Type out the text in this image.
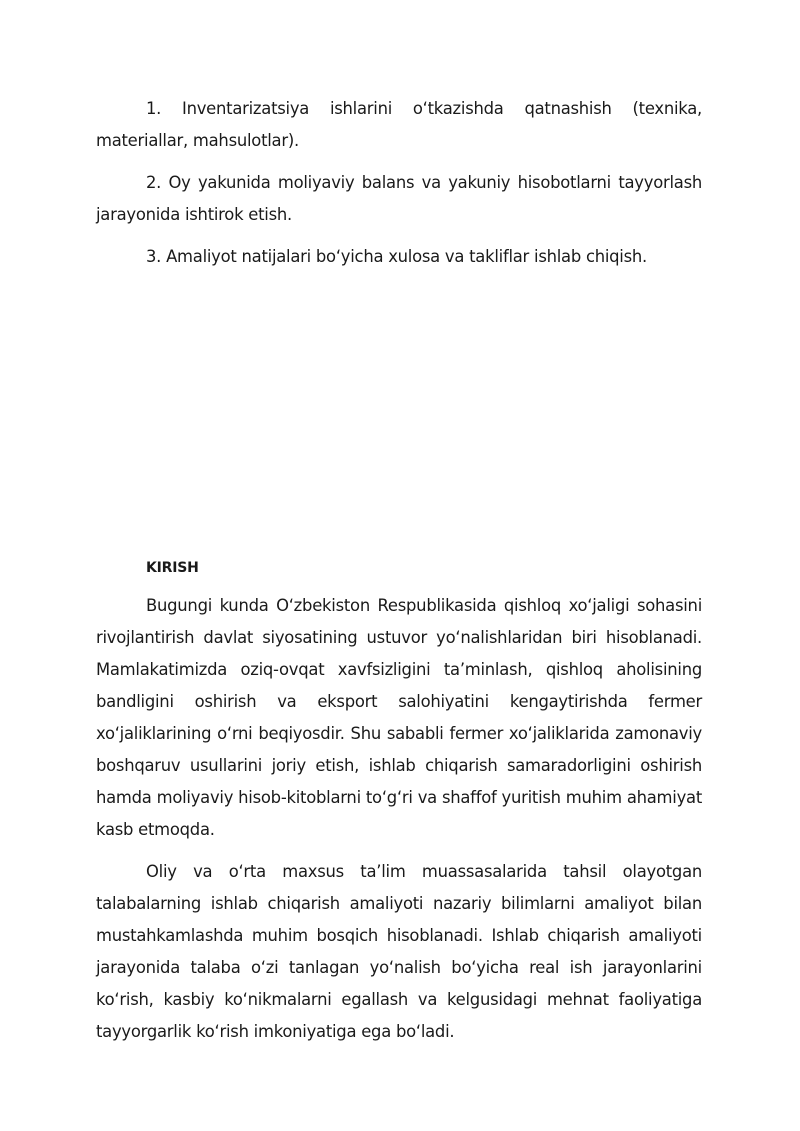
1. Inventarizatsiya ishlarini o‘tkazishda qatnashish (texnika, materiallar, mahsulotlar).

2. Oy yakunida moliyaviy balans va yakuniy hisobotlarni tayyorlash jarayonida ishtirok etish.

3. Amaliyot natijalari bo‘yicha xulosa va takliflar ishlab chiqish.

KIRISH

Bugungi kunda O‘zbekiston Respublikasida qishloq xo‘jaligi sohasini rivojlantirish davlat siyosatining ustuvor yo‘nalishlaridan biri hisoblanadi. Mamlakatimizda oziq-ovqat xavfsizligini ta’minlash, qishloq aholisining bandligini oshirish va eksport salohiyatini kengaytirishda fermer xo‘jaliklarining o‘rni beqiyosdir. Shu sababli fermer xo‘jaliklarida zamonaviy boshqaruv usullarini joriy etish, ishlab chiqarish samaradorligini oshirish hamda moliyaviy hisob-kitoblarni to‘g‘ri va shaffof yuritish muhim ahamiyat kasb etmoqda.

Oliy va o‘rta maxsus ta’lim muassasalarida tahsil olayotgan talabalarning ishlab chiqarish amaliyoti nazariy bilimlarni amaliyot bilan mustahkamlashda muhim bosqich hisoblanadi. Ishlab chiqarish amaliyoti jarayonida talaba o‘zi tanlagan yo‘nalish bo‘yicha real ish jarayonlarini ko‘rish, kasbiy ko‘nikmalarni egallash va kelgusidagi mehnat faoliyatiga tayyorgarlik ko‘rish imkoniyatiga ega bo‘ladi.
